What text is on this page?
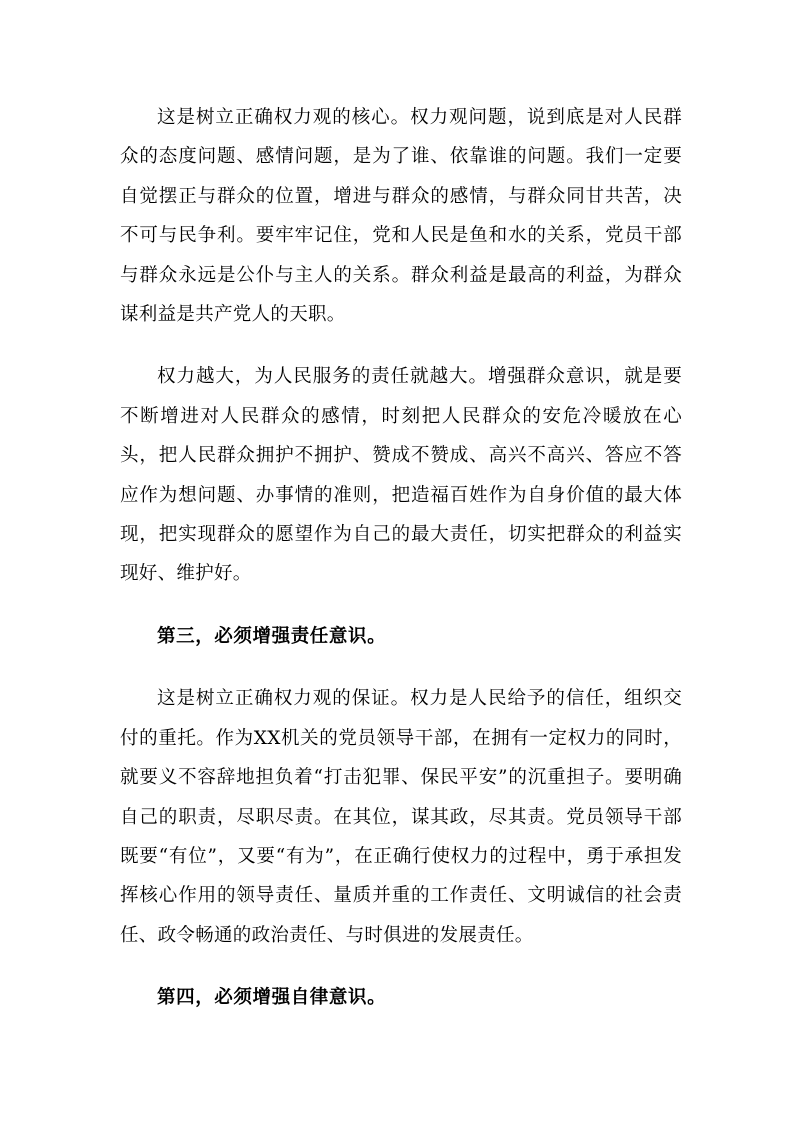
这是树立正确权力观的核心。权力观问题，说到底是对人民群众的态度问题、感情问题，是为了谁、依靠谁的问题。我们一定要自觉摆正与群众的位置，增进与群众的感情，与群众同甘共苦，决不可与民争利。要牢牢记住，党和人民是鱼和水的关系，党员干部与群众永远是公仆与主人的关系。群众利益是最高的利益，为群众谋利益是共产党人的天职。

权力越大，为人民服务的责任就越大。增强群众意识，就是要不断增进对人民群众的感情，时刻把人民群众的安危冷暖放在心头，把人民群众拥护不拥护、赞成不赞成、高兴不高兴、答应不答应作为想问题、办事情的准则，把造福百姓作为自身价值的最大体现，把实现群众的愿望作为自己的最大责任，切实把群众的利益实现好、维护好。

第三，必须增强责任意识。

这是树立正确权力观的保证。权力是人民给予的信任，组织交付的重托。作为XX机关的党员领导干部，在拥有一定权力的同时，就要义不容辞地担负着“打击犯罪、保民平安”的沉重担子。要明确自己的职责，尽职尽责。在其位，谋其政，尽其责。党员领导干部既要“有位”，又要“有为”，在正确行使权力的过程中，勇于承担发挥核心作用的领导责任、量质并重的工作责任、文明诚信的社会责任、政令畅通的政治责任、与时俱进的发展责任。

第四，必须增强自律意识。
